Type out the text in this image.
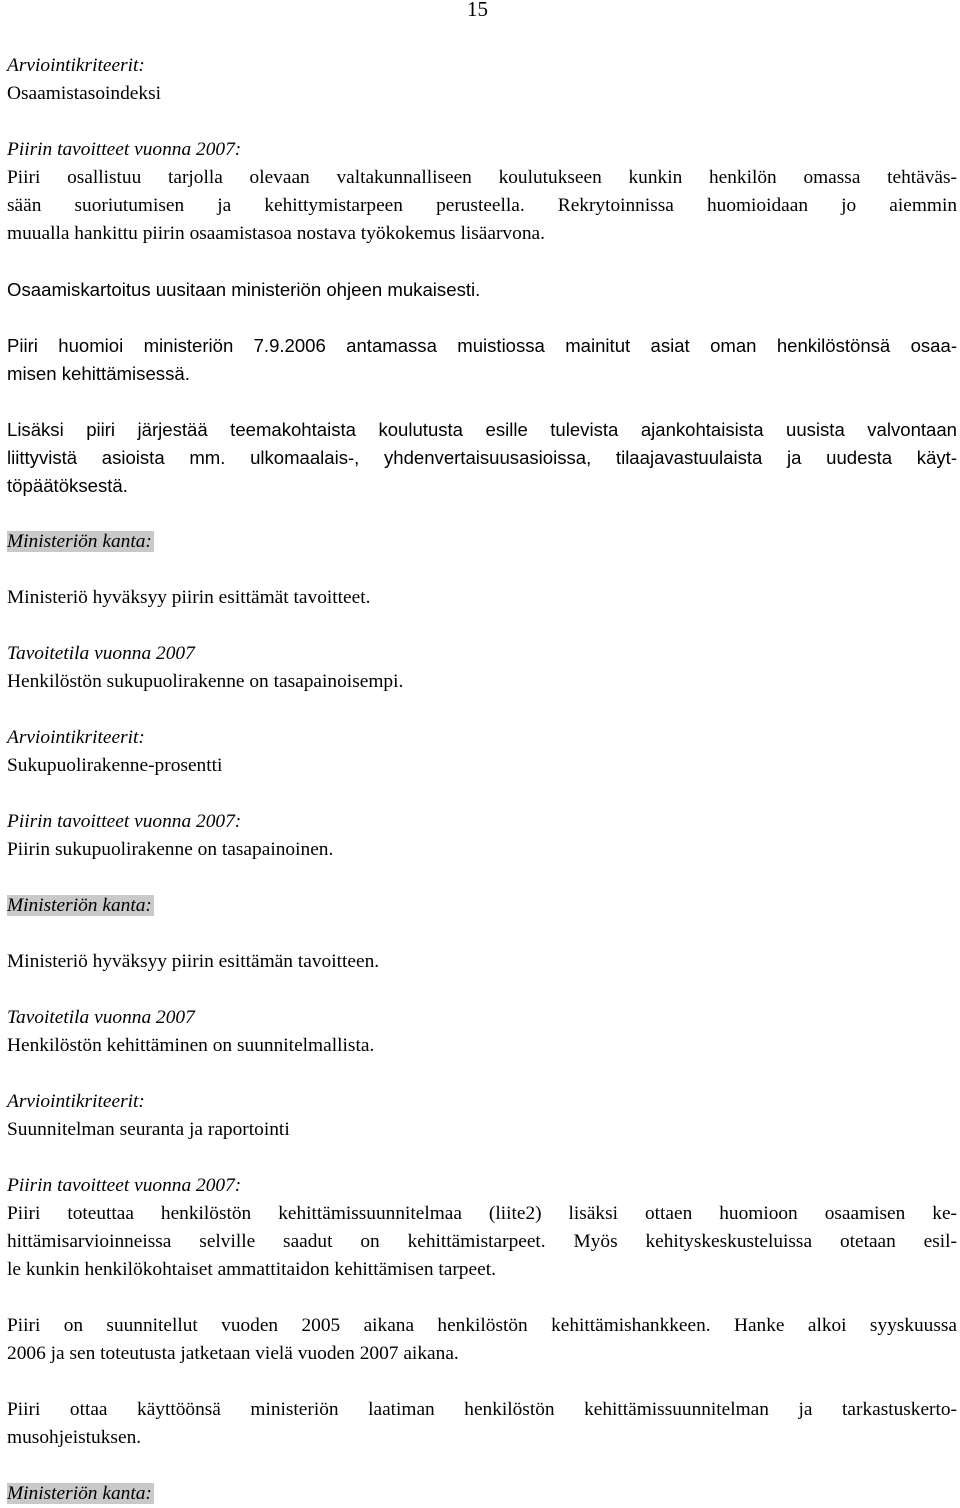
15
Arviointikriteerit:
Osaamistasoindeksi
Piirin tavoitteet vuonna 2007:
Piiri osallistuu tarjolla olevaan valtakunnalliseen koulutukseen kunkin henkilön omassa tehtäväs-
sään suoriutumisen ja kehittymistarpeen perusteella. Rekrytoinnissa huomioidaan jo aiemmin
muualla hankittu piirin osaamistasoa nostava työkokemus lisäarvona.
Osaamiskartoitus uusitaan ministeriön ohjeen mukaisesti.
Piiri huomioi ministeriön 7.9.2006 antamassa muistiossa mainitut asiat oman henkilöstönsä osaa-
misen kehittämisessä.
Lisäksi piiri järjestää teemakohtaista koulutusta esille tulevista ajankohtaisista uusista valvontaan
liittyvistä asioista mm. ulkomaalais-, yhdenvertaisuusasioissa, tilaajavastuulaista ja uudesta käyt-
töpäätöksestä.
Ministeriön kanta:
Ministeriö hyväksyy piirin esittämät tavoitteet.
Tavoitetila vuonna 2007
Henkilöstön sukupuolirakenne on tasapainoisempi.
Arviointikriteerit:
Sukupuolirakenne-prosentti
Piirin tavoitteet vuonna 2007:
Piirin sukupuolirakenne on tasapainoinen.
Ministeriön kanta:
Ministeriö hyväksyy piirin esittämän tavoitteen.
Tavoitetila vuonna 2007
Henkilöstön kehittäminen on suunnitelmallista.
Arviointikriteerit:
Suunnitelman seuranta ja raportointi
Piirin tavoitteet vuonna 2007:
Piiri toteuttaa henkilöstön kehittämissuunnitelmaa (liite2) lisäksi ottaen huomioon osaamisen ke-
hittämisarvioinneissa selville saadut on kehittämistarpeet. Myös kehityskeskusteluissa otetaan esil-
le kunkin henkilökohtaiset ammattitaidon kehittämisen tarpeet.
Piiri on suunnitellut vuoden 2005 aikana henkilöstön kehittämishankkeen. Hanke alkoi syyskuussa
2006 ja sen toteutusta jatketaan vielä vuoden 2007 aikana.
Piiri ottaa käyttöönsä ministeriön laatiman henkilöstön kehittämissuunnitelman ja tarkastuskerto-
musohjeistuksen.
Ministeriön kanta:
